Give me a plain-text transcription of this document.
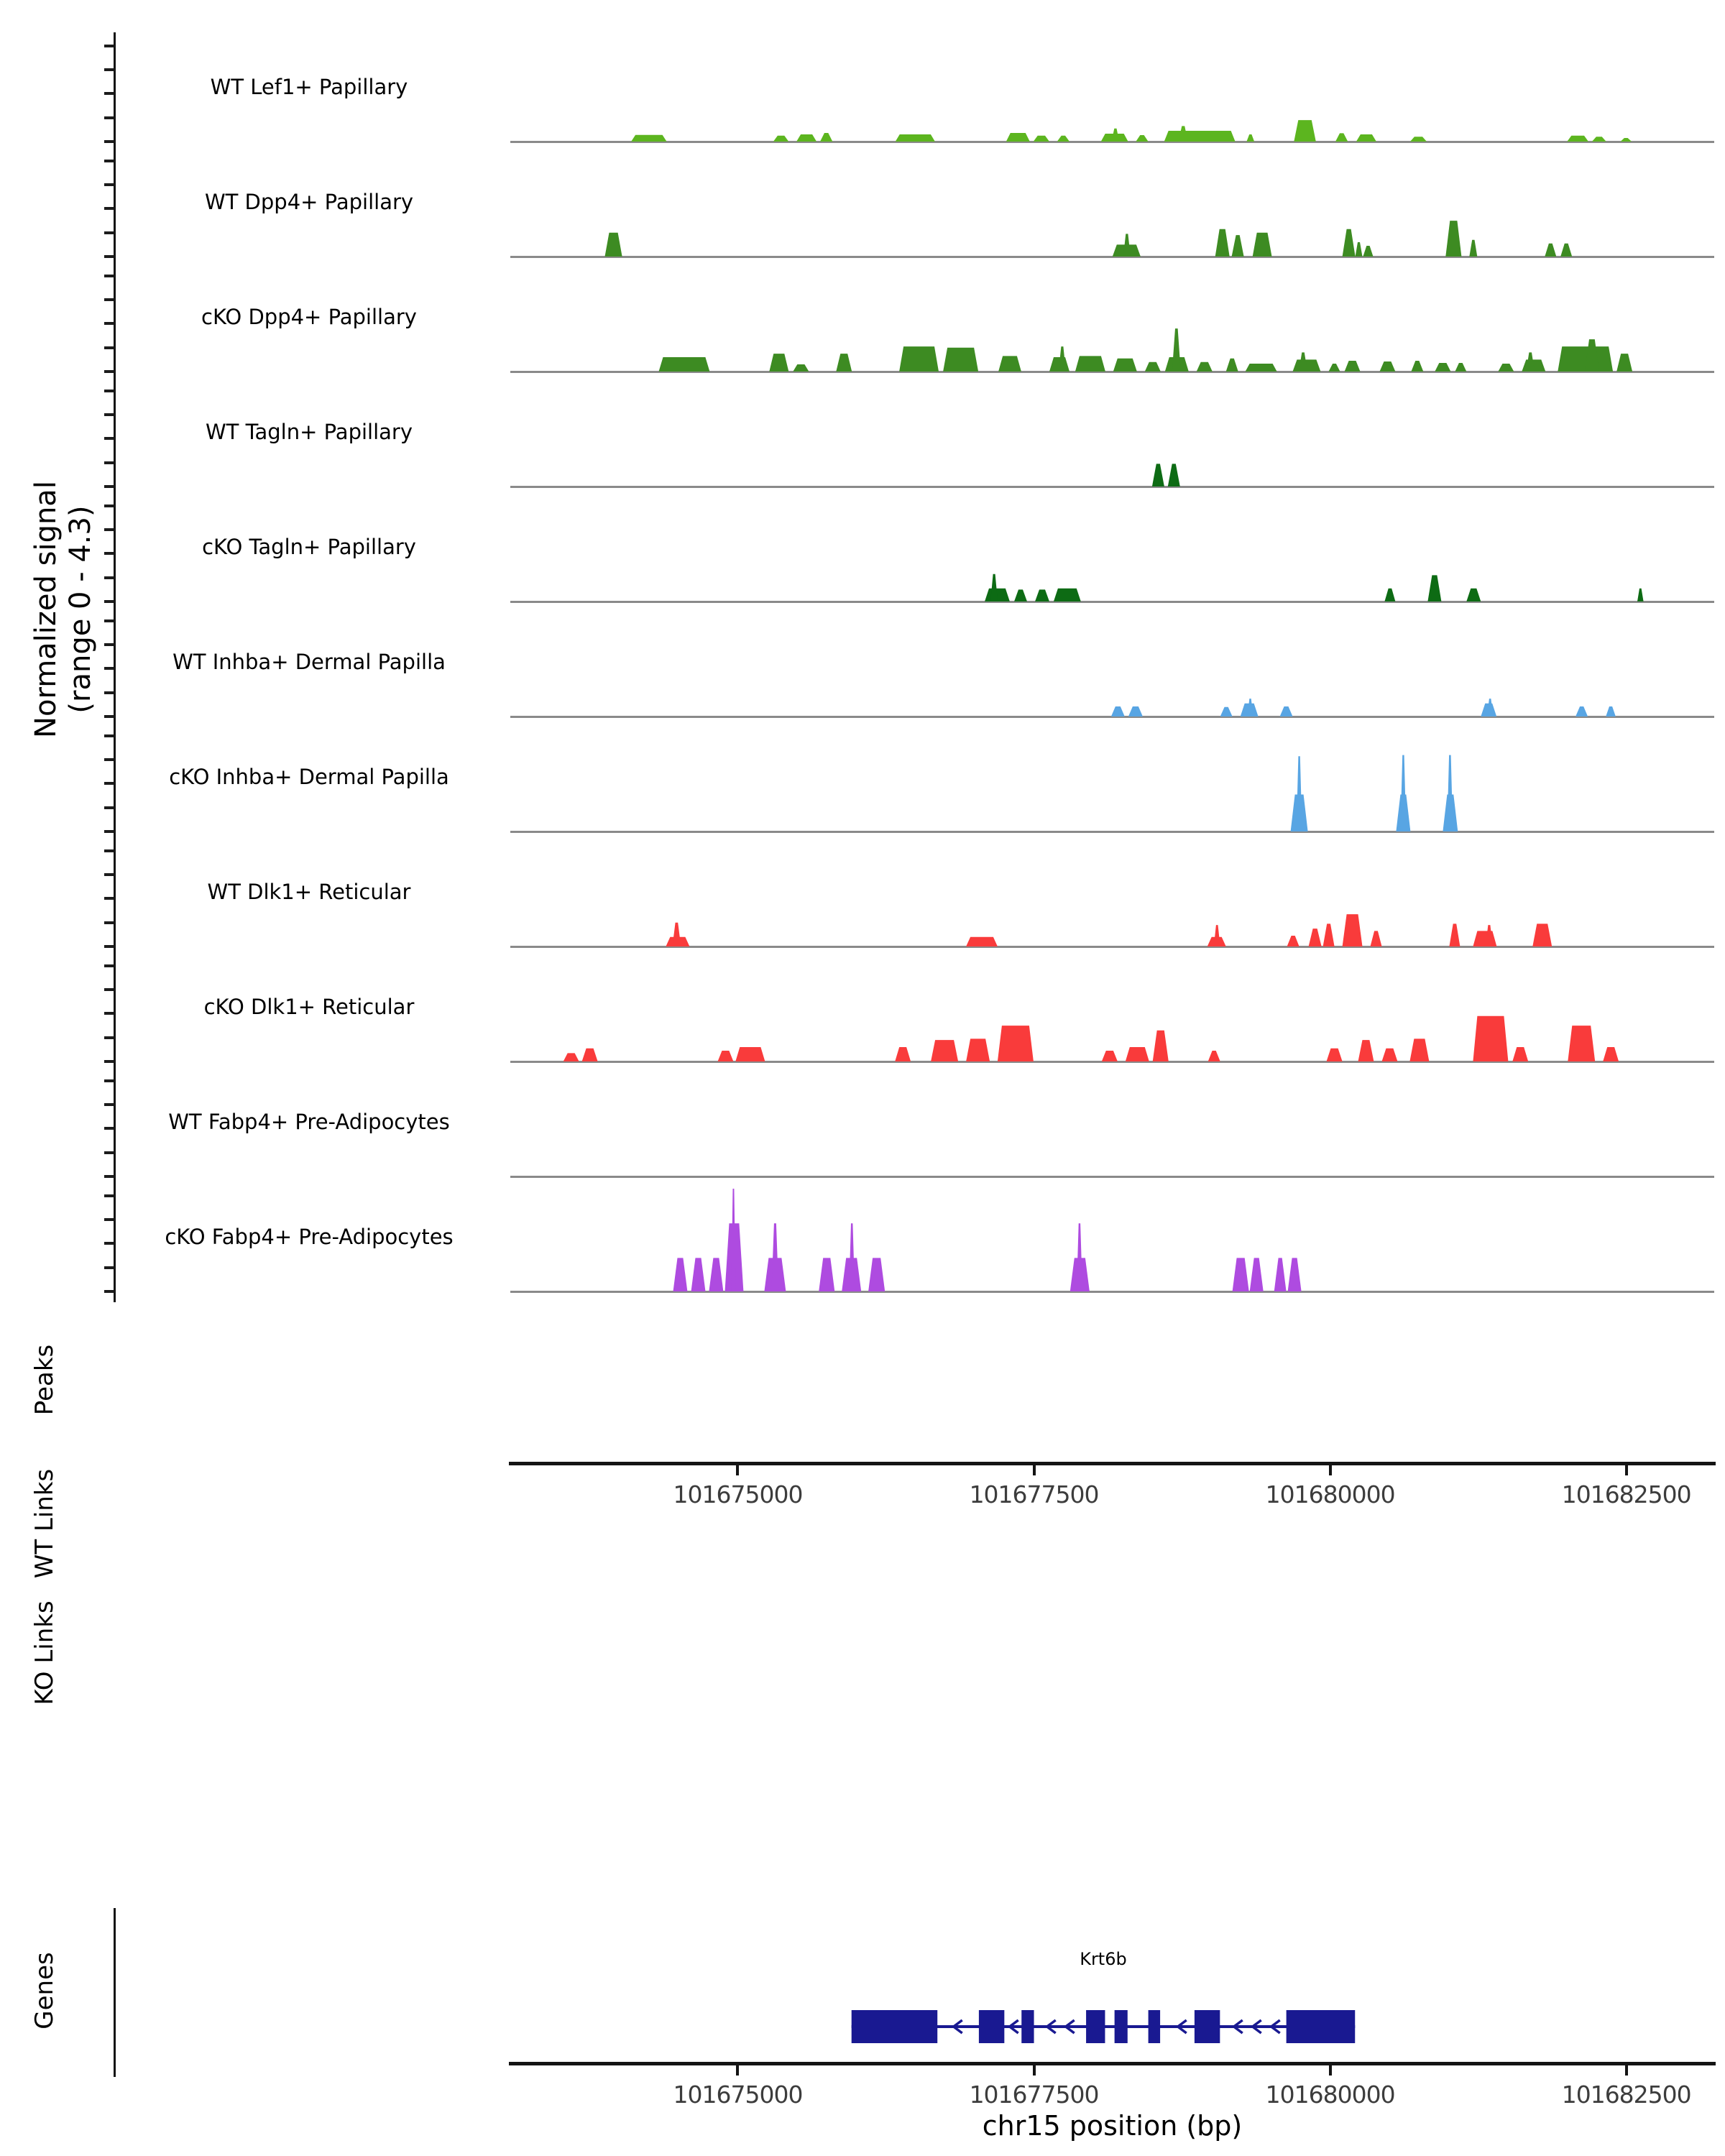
Normalized signal (range 0 - 4.3)
Peaks
WT Links
KO Links
Genes	Krt6b
chr15 position (bp)
WT Lef1+ Papillary
WT Dpp4+ Papillary
cKO Dpp4+ Papillary
WT Tagln+ Papillary
cKO Tagln+ Papillary
WT Inhba+ Dermal Papilla
cKO Inhba+ Dermal Papilla
WT Dlk1+ Reticular
cKO Dlk1+ Reticular
WT Fabp4+ Pre-Adipocytes
cKO Fabp4+ Pre-Adipocytes
101675000	101677500	101680000	101682500
101675000	101677500	101680000	101682500
